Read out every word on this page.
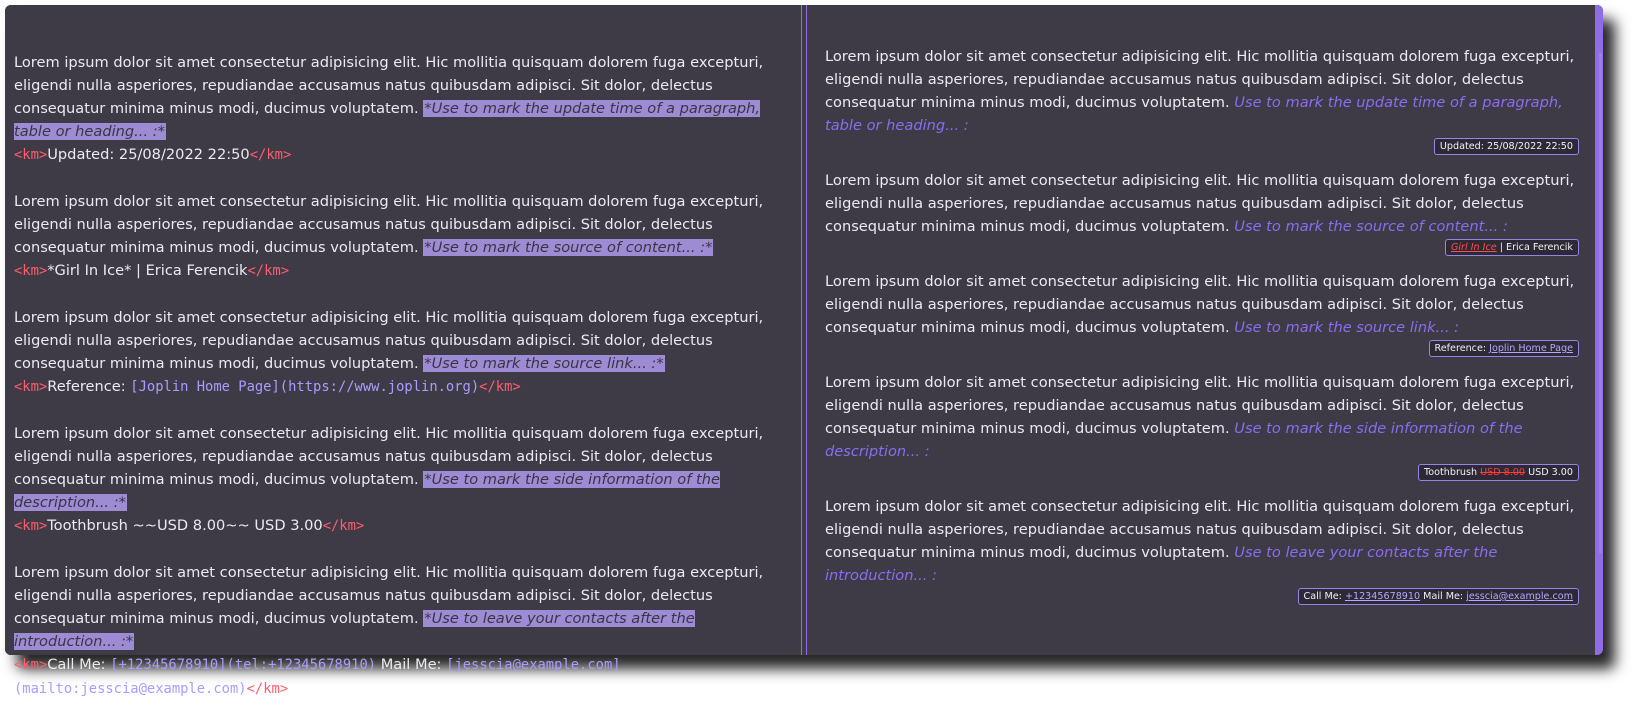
Lorem ipsum dolor sit amet consectetur adipisicing elit. Hic mollitia quisquam dolorem fuga excepturi, eligendi nulla asperiores, repudiandae accusamus natus quibusdam adipisci. Sit dolor, delectus consequatur minima minus modi, ducimus voluptatem. *Use to mark the update time of a paragraph, table or heading... :*
<km>Updated: 25/08/2022 22:50</km>
Lorem ipsum dolor sit amet consectetur adipisicing elit. Hic mollitia quisquam dolorem fuga excepturi, eligendi nulla asperiores, repudiandae accusamus natus quibusdam adipisci. Sit dolor, delectus consequatur minima minus modi, ducimus voluptatem. *Use to mark the source of content... :*
<km>*Girl In Ice* | Erica Ferencik</km>
Lorem ipsum dolor sit amet consectetur adipisicing elit. Hic mollitia quisquam dolorem fuga excepturi, eligendi nulla asperiores, repudiandae accusamus natus quibusdam adipisci. Sit dolor, delectus consequatur minima minus modi, ducimus voluptatem. *Use to mark the source link... :*
<km>Reference: [Joplin Home Page](https://www.joplin.org)</km>
Lorem ipsum dolor sit amet consectetur adipisicing elit. Hic mollitia quisquam dolorem fuga excepturi, eligendi nulla asperiores, repudiandae accusamus natus quibusdam adipisci. Sit dolor, delectus consequatur minima minus modi, ducimus voluptatem. *Use to mark the side information of the description... :*
<km>Toothbrush ~~USD 8.00~~ USD 3.00</km>
Lorem ipsum dolor sit amet consectetur adipisicing elit. Hic mollitia quisquam dolorem fuga excepturi, eligendi nulla asperiores, repudiandae accusamus natus quibusdam adipisci. Sit dolor, delectus consequatur minima minus modi, ducimus voluptatem. *Use to leave your contacts after the introduction... :*
<km>Call Me: [+12345678910](tel:+12345678910) Mail Me: [jesscia@example.com](mailto:jesscia@example.com)</km>
Lorem ipsum dolor sit amet consectetur adipisicing elit. Hic mollitia quisquam dolorem fuga excepturi, eligendi nulla asperiores, repudiandae accusamus natus quibusdam adipisci. Sit dolor, delectus consequatur minima minus modi, ducimus voluptatem. Use to mark the update time of a paragraph, table or heading... :
Updated: 25/08/2022 22:50
Lorem ipsum dolor sit amet consectetur adipisicing elit. Hic mollitia quisquam dolorem fuga excepturi, eligendi nulla asperiores, repudiandae accusamus natus quibusdam adipisci. Sit dolor, delectus consequatur minima minus modi, ducimus voluptatem. Use to mark the source of content... :
Girl In Ice | Erica Ferencik
Lorem ipsum dolor sit amet consectetur adipisicing elit. Hic mollitia quisquam dolorem fuga excepturi, eligendi nulla asperiores, repudiandae accusamus natus quibusdam adipisci. Sit dolor, delectus consequatur minima minus modi, ducimus voluptatem. Use to mark the source link... :
Reference: Joplin Home Page
Lorem ipsum dolor sit amet consectetur adipisicing elit. Hic mollitia quisquam dolorem fuga excepturi, eligendi nulla asperiores, repudiandae accusamus natus quibusdam adipisci. Sit dolor, delectus consequatur minima minus modi, ducimus voluptatem. Use to mark the side information of the description... :
Toothbrush USD 8.00 USD 3.00
Lorem ipsum dolor sit amet consectetur adipisicing elit. Hic mollitia quisquam dolorem fuga excepturi, eligendi nulla asperiores, repudiandae accusamus natus quibusdam adipisci. Sit dolor, delectus consequatur minima minus modi, ducimus voluptatem. Use to leave your contacts after the introduction... :
Call Me: +12345678910 Mail Me: jesscia@example.com
